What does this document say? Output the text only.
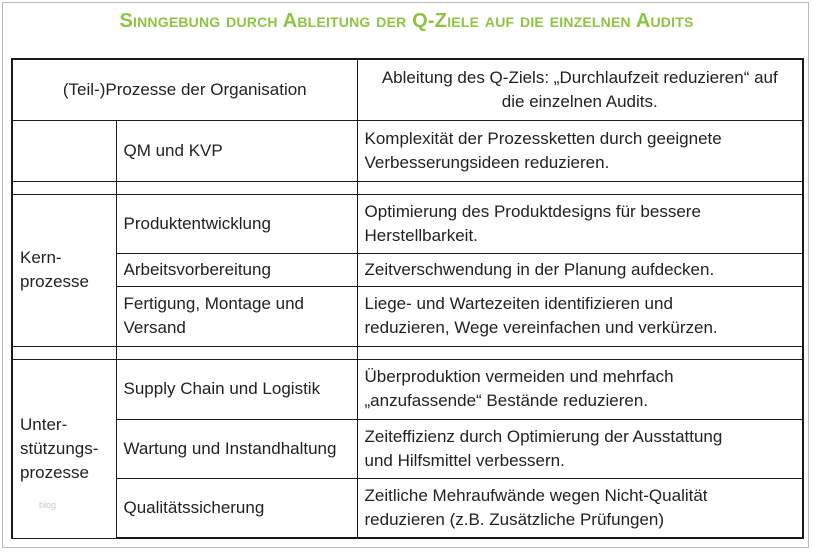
Sinngebung durch Ableitung der Q-Ziele auf die einzelnen Audits
(Teil-)Prozesse der Organisation		Ableitung des Q-Ziels: „Durchlaufzeit reduzieren“ auf
die einzelnen Audits.
	QM und KVP	Komplexität der Prozessketten durch geeignete
Verbesserungsideen reduzieren.

Kern-
prozesse	Produktentwicklung	Optimierung des Produktdesigns für bessere
Herstellbarkeit.
	Arbeitsvorbereitung	Zeitverschwendung in der Planung aufdecken.
	Fertigung, Montage und
Versand	Liege- und Wartezeiten identifizieren und
reduzieren, Wege vereinfachen und verkürzen.

Unter-
stützungs-
prozesse	Supply Chain und Logistik	Überproduktion vermeiden und mehrfach
„anzufassende“ Bestände reduzieren.
	Wartung und Instandhaltung	Zeiteffizienz durch Optimierung der Ausstattung
und Hilfsmittel verbessern.
	Qualitätssicherung	Zeitliche Mehraufwände wegen Nicht-Qualität
reduzieren (z.B. Zusätzliche Prüfungen)
blog
